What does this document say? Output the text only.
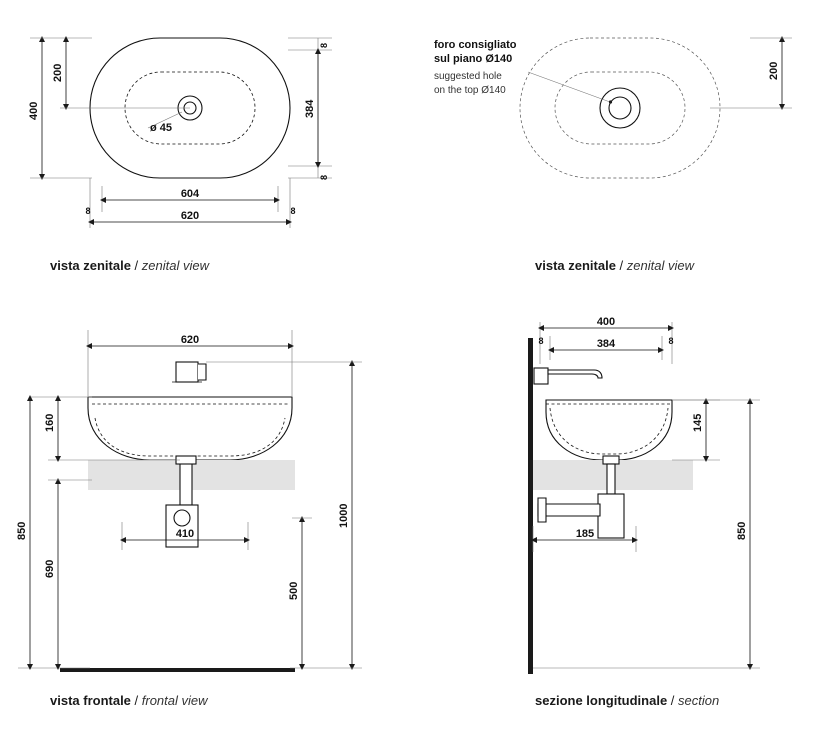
ø 45
400
200
384
8
8
604
620
8	8
vista zenitale / zenital view
200
foro consigliato
sul piano Ø140
suggested hole
on the top Ø140
vista zenitale / zenital view
620
160
690
850	410
1000
500
vista frontale / frontal view
400
384
8	8
145
185	850
sezione longitudinale / section
